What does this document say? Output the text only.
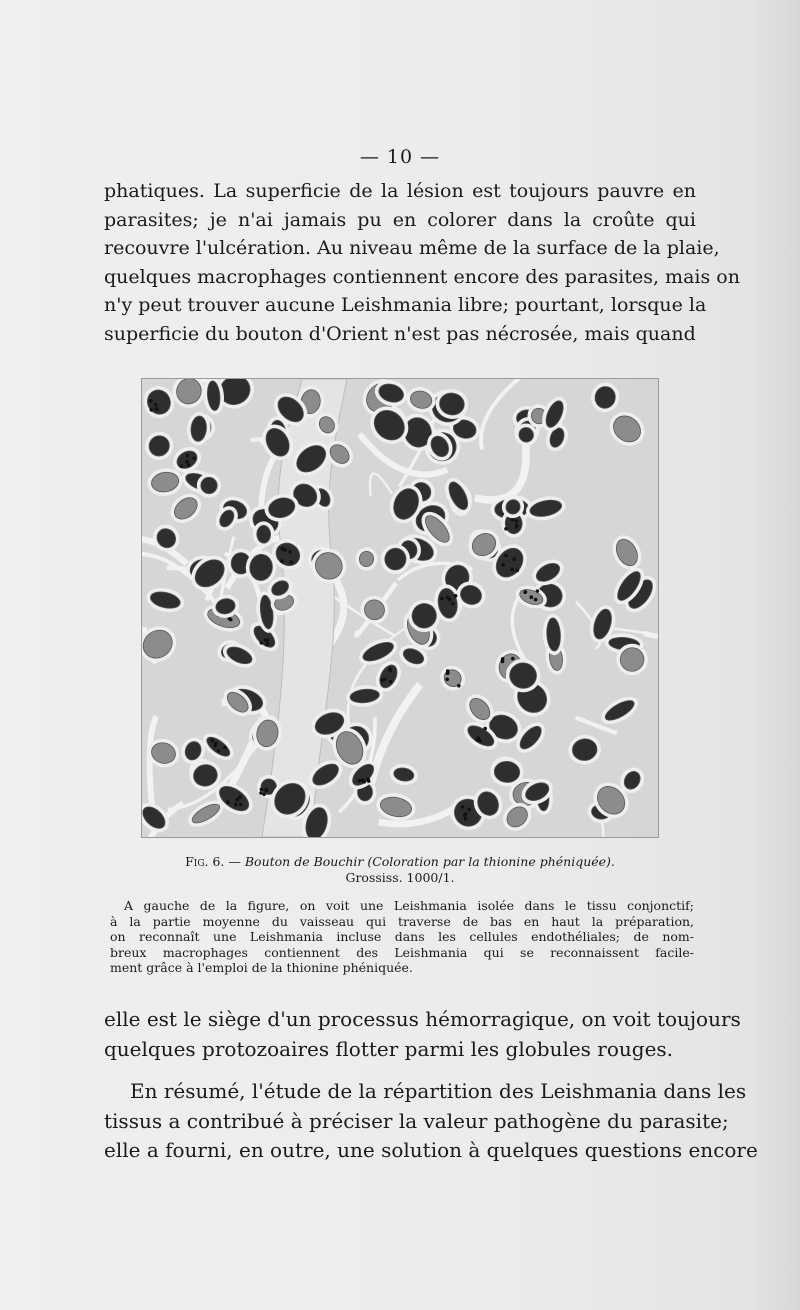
— 10 —

phatiques. La superficie de la lésion est toujours pauvre en
parasites; je n'ai jamais pu en colorer dans la croûte qui
recouvre l'ulcération. Au niveau même de la surface de la plaie,
quelques macrophages contiennent encore des parasites, mais on
n'y peut trouver aucune Leishmania libre; pourtant, lorsque la
superficie du bouton d'Orient n'est pas nécrosée, mais quand

Fig. 6. — Bouton de Bouchir (Coloration par la thionine phéniquée).
Grossiss. 1000/1.

A gauche de la figure, on voit une Leishmania isolée dans le tissu conjonctif;
à la partie moyenne du vaisseau qui traverse de bas en haut la préparation,
on reconnaît une Leishmania incluse dans les cellules endothéliales; de nom-
breux macrophages contiennent des Leishmania qui se reconnaissent facile-
ment grâce à l'emploi de la thionine phéniquée.

elle est le siège d'un processus hémorragique, on voit toujours
quelques protozoaires flotter parmi les globules rouges.

En résumé, l'étude de la répartition des Leishmania dans les
tissus a contribué à préciser la valeur pathogène du parasite;
elle a fourni, en outre, une solution à quelques questions encore
